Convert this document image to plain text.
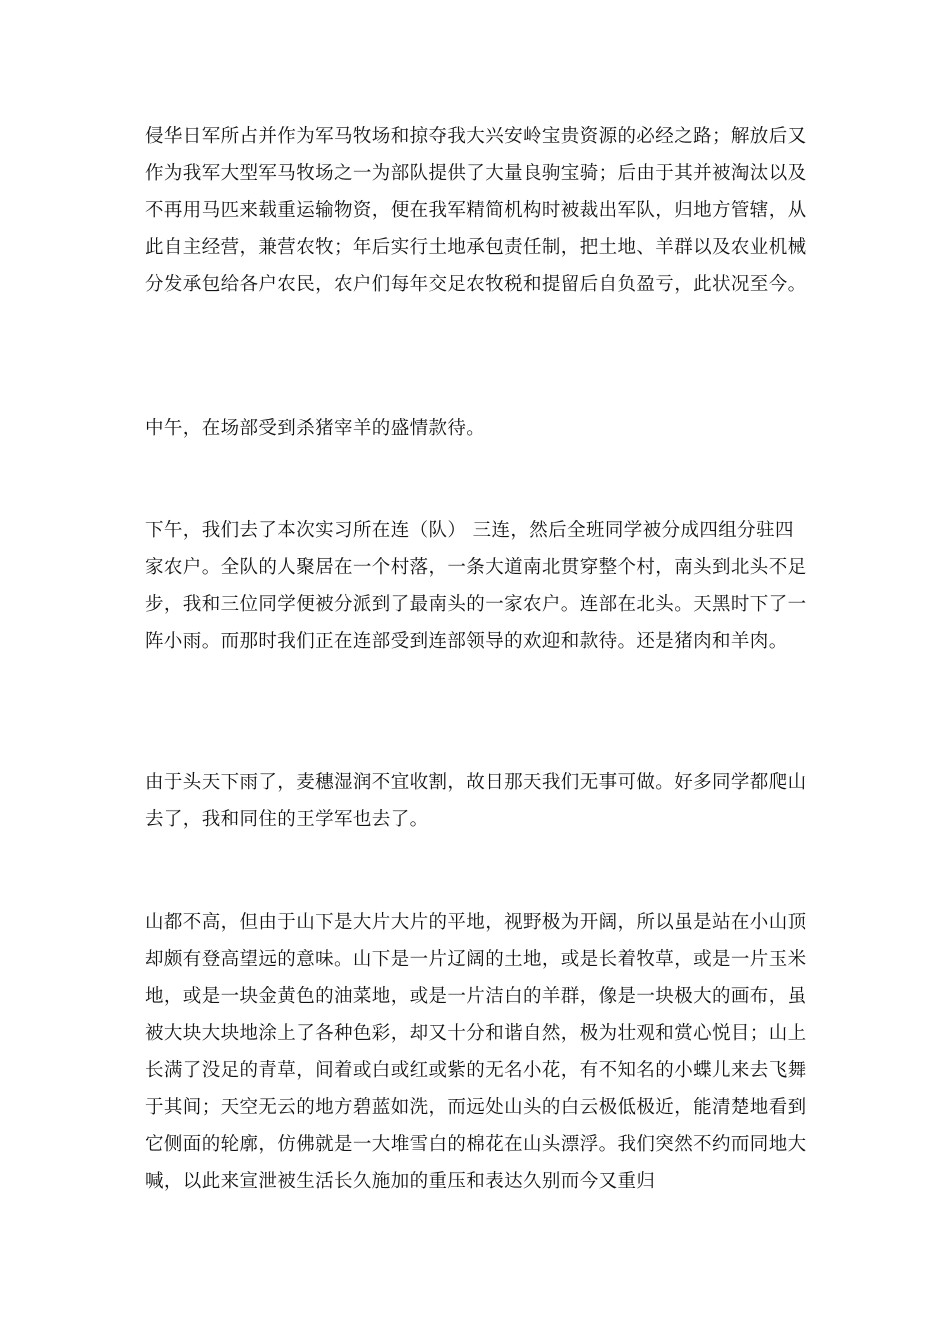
侵华日军所占并作为军马牧场和掠夺我大兴安岭宝贵资源的必经之路；解放后又作为我军大型军马牧场之一为部队提供了大量良驹宝骑；后由于其并被淘汰以及不再用马匹来载重运输物资，便在我军精简机构时被裁出军队，归地方管辖，从此自主经营，兼营农牧；年后实行土地承包责任制，把土地、羊群以及农业机械分发承包给各户农民，农户们每年交足农牧税和提留后自负盈亏，此状况至今。

中午，在场部受到杀猪宰羊的盛情款待。

下午，我们去了本次实习所在连（队） 三连，然后全班同学被分成四组分驻四家农户。全队的人聚居在一个村落，一条大道南北贯穿整个村，南头到北头不足步，我和三位同学便被分派到了最南头的一家农户。连部在北头。天黑时下了一阵小雨。而那时我们正在连部受到连部领导的欢迎和款待。还是猪肉和羊肉。

由于头天下雨了，麦穗湿润不宜收割，故日那天我们无事可做。好多同学都爬山去了，我和同住的王学军也去了。

山都不高，但由于山下是大片大片的平地，视野极为开阔，所以虽是站在小山顶却颇有登高望远的意味。山下是一片辽阔的土地，或是长着牧草，或是一片玉米地，或是一块金黄色的油菜地，或是一片洁白的羊群，像是一块极大的画布，虽被大块大块地涂上了各种色彩，却又十分和谐自然，极为壮观和赏心悦目；山上长满了没足的青草，间着或白或红或紫的无名小花，有不知名的小蝶儿来去飞舞于其间；天空无云的地方碧蓝如洗，而远处山头的白云极低极近，能清楚地看到它侧面的轮廓，仿佛就是一大堆雪白的棉花在山头漂浮。我们突然不约而同地大喊，以此来宣泄被生活长久施加的重压和表达久别而今又重归
